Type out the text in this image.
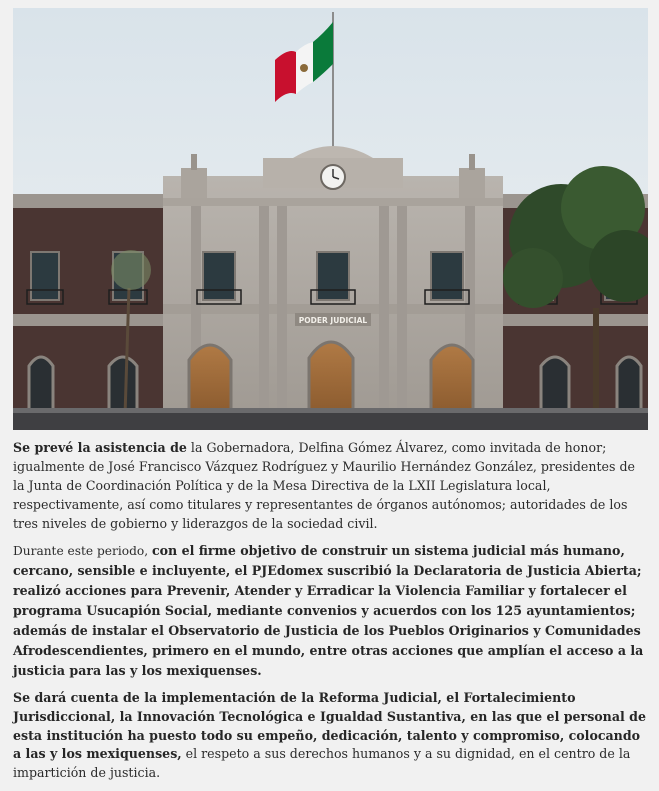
PODER JUDICIAL

Se prevé la asistencia de la Gobernadora, Delfina Gómez Álvarez, como invitada de honor; igualmente de José Francisco Vázquez Rodríguez y Maurilio Hernández González, presidentes de la Junta de Coordinación Política y de la Mesa Directiva de la LXII Legislatura local, respectivamente, así como titulares y representantes de órganos autónomos; autoridades de los tres niveles de gobierno y liderazgos de la sociedad civil.

Durante este periodo, con el firme objetivo de construir un sistema judicial más humano, cercano, sensible e incluyente, el PJEdomex suscribió la Declaratoria de Justicia Abierta; realizó acciones para Prevenir, Atender y Erradicar la Violencia Familiar y fortalecer el programa Usucapión Social, mediante convenios y acuerdos con los 125 ayuntamientos; además de instalar el Observatorio de Justicia de los Pueblos Originarios y Comunidades Afrodescendientes, primero en el mundo, entre otras acciones que amplían el acceso a la justicia para las y los mexiquenses.

Se dará cuenta de la implementación de la Reforma Judicial, el Fortalecimiento Jurisdiccional, la Innovación Tecnológica e Igualdad Sustantiva, en las que el personal de esta institución ha puesto todo su empeño, dedicación, talento y compromiso, colocando a las y los mexiquenses, el respeto a sus derechos humanos y a su dignidad, en el centro de la impartición de justicia.
